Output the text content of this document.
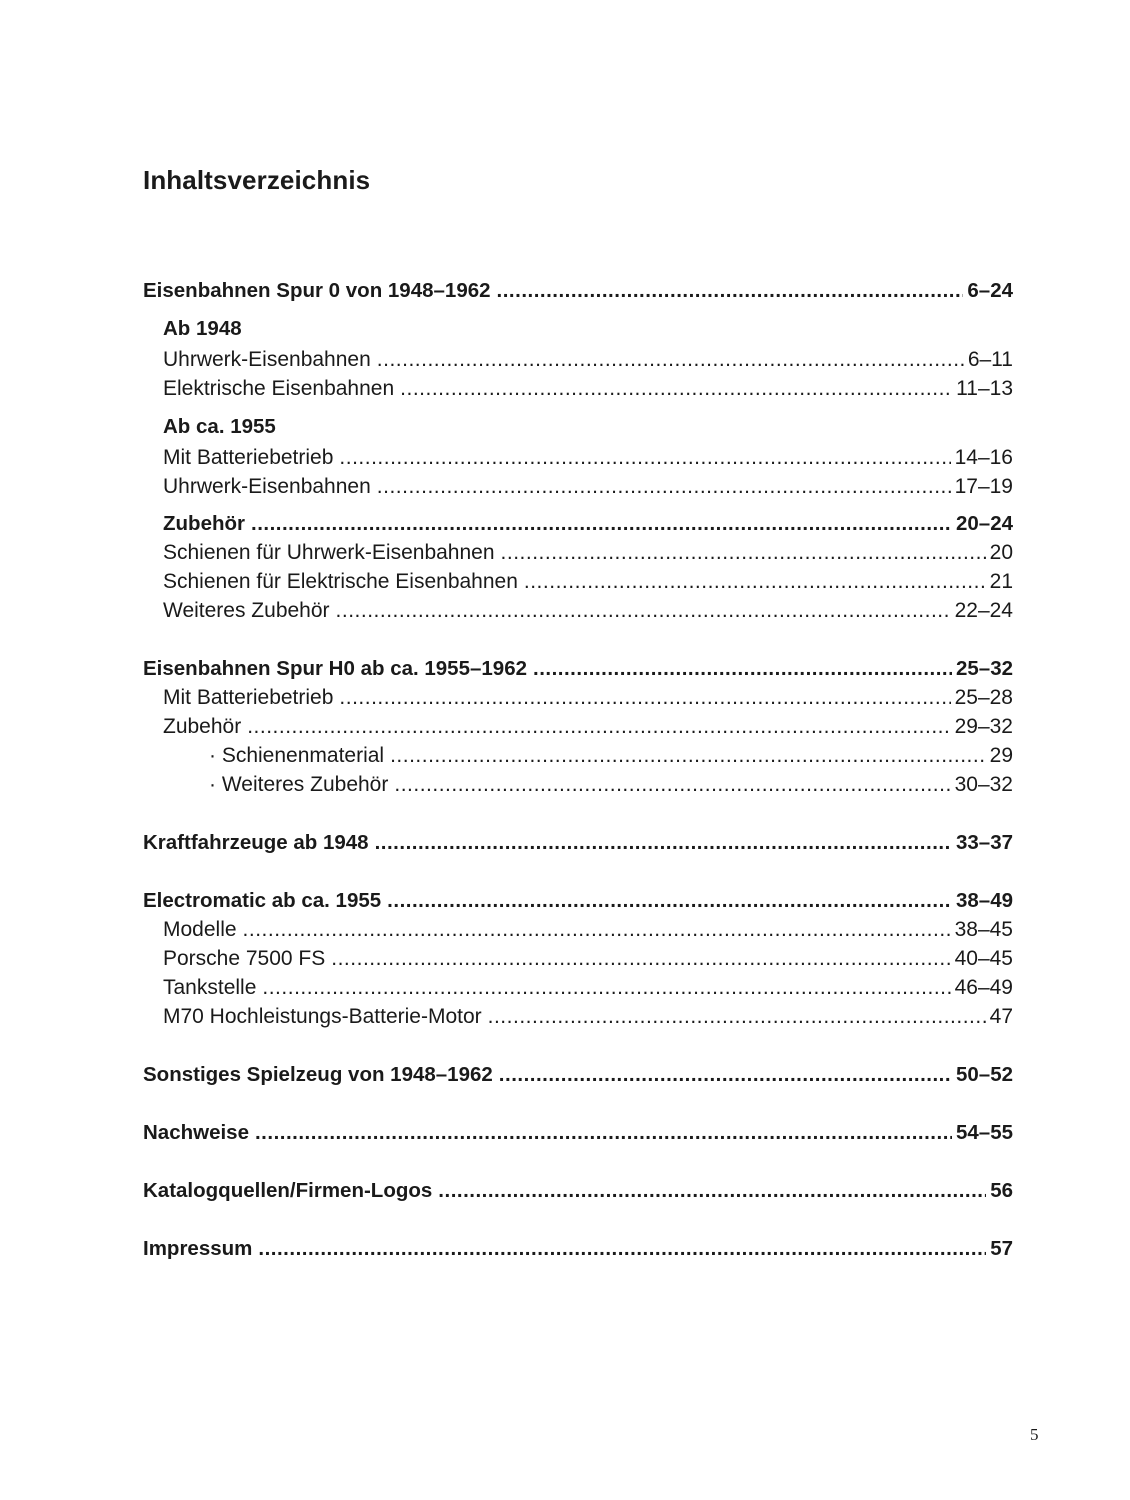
Inhaltsverzeichnis
Eisenbahnen Spur 0 von 1948–1962 .....	6–24
Ab 1948
Uhrwerk-Eisenbahnen .....	6–11
Elektrische Eisenbahnen .....	11–13
Ab ca. 1955
Mit Batteriebetrieb .....	14–16
Uhrwerk-Eisenbahnen .....	17–19
Zubehör .....	20–24
Schienen für Uhrwerk-Eisenbahnen .....	20
Schienen für Elektrische Eisenbahnen .....	21
Weiteres Zubehör .....	22–24
Eisenbahnen Spur H0 ab ca. 1955–1962 .....	25–32
Mit Batteriebetrieb .....	25–28
Zubehör .....	29–32
· Schienenmaterial .....	29
· Weiteres Zubehör .....	30–32
Kraftfahrzeuge ab 1948 .....	33–37
Electromatic ab ca. 1955 .....	38–49
Modelle .....	38–45
Porsche 7500 FS .....	40–45
Tankstelle .....	46–49
M70 Hochleistungs-Batterie-Motor .....	47
Sonstiges Spielzeug von 1948–1962 .....	50–52
Nachweise .....	54–55
Katalogquellen/Firmen-Logos .....	56
Impressum .....	57
5
